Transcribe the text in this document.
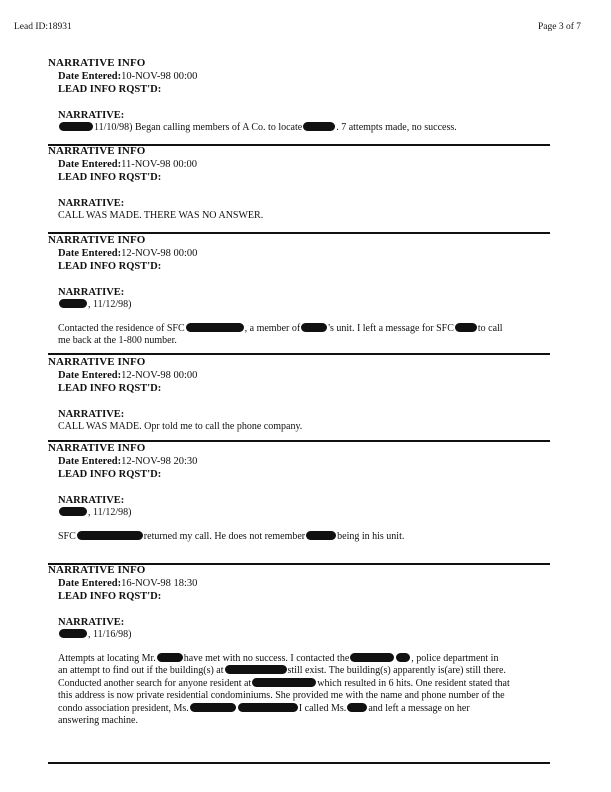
Lead ID:18931	Page 3 of 7
NARRATIVE INFO
Date Entered:10-NOV-98 00:00
LEAD INFO RQST'D:
NARRATIVE:
11/10/98) Began calling members of A Co. to locate	. 7 attempts made, no success.
NARRATIVE INFO
Date Entered:11-NOV-98 00:00
LEAD INFO RQST'D:
NARRATIVE:
CALL WAS MADE. THERE WAS NO ANSWER.
NARRATIVE INFO
Date Entered:12-NOV-98 00:00
LEAD INFO RQST'D:
NARRATIVE:
, 11/12/98)
Contacted the residence of SFC	, a member of	's unit. I left a message for SFC to call
me back at the 1-800 number.
NARRATIVE INFO
Date Entered:12-NOV-98 00:00
LEAD INFO RQST'D:
NARRATIVE:
CALL WAS MADE. Opr told me to call the phone company.
NARRATIVE INFO
Date Entered:12-NOV-98 20:30
LEAD INFO RQST'D:
NARRATIVE:
, 11/12/98)
SFC	returned my call. He does not remember	being in his unit.
NARRATIVE INFO
Date Entered:16-NOV-98 18:30
LEAD INFO RQST'D:
NARRATIVE:
, 11/16/98)
Attempts at locating Mr.	have met with no success. I contacted the	, police department in
an attempt to find out if the building(s) at	still exist. The building(s) apparently is(are) still there.
Conducted another search for anyone resident at	which resulted in 6 hits. One resident stated that
this address is now private residential condominiums. She provided me with the name and phone number of the
condo association president, Ms.	I called Ms. and left a message on her
answering machine.
